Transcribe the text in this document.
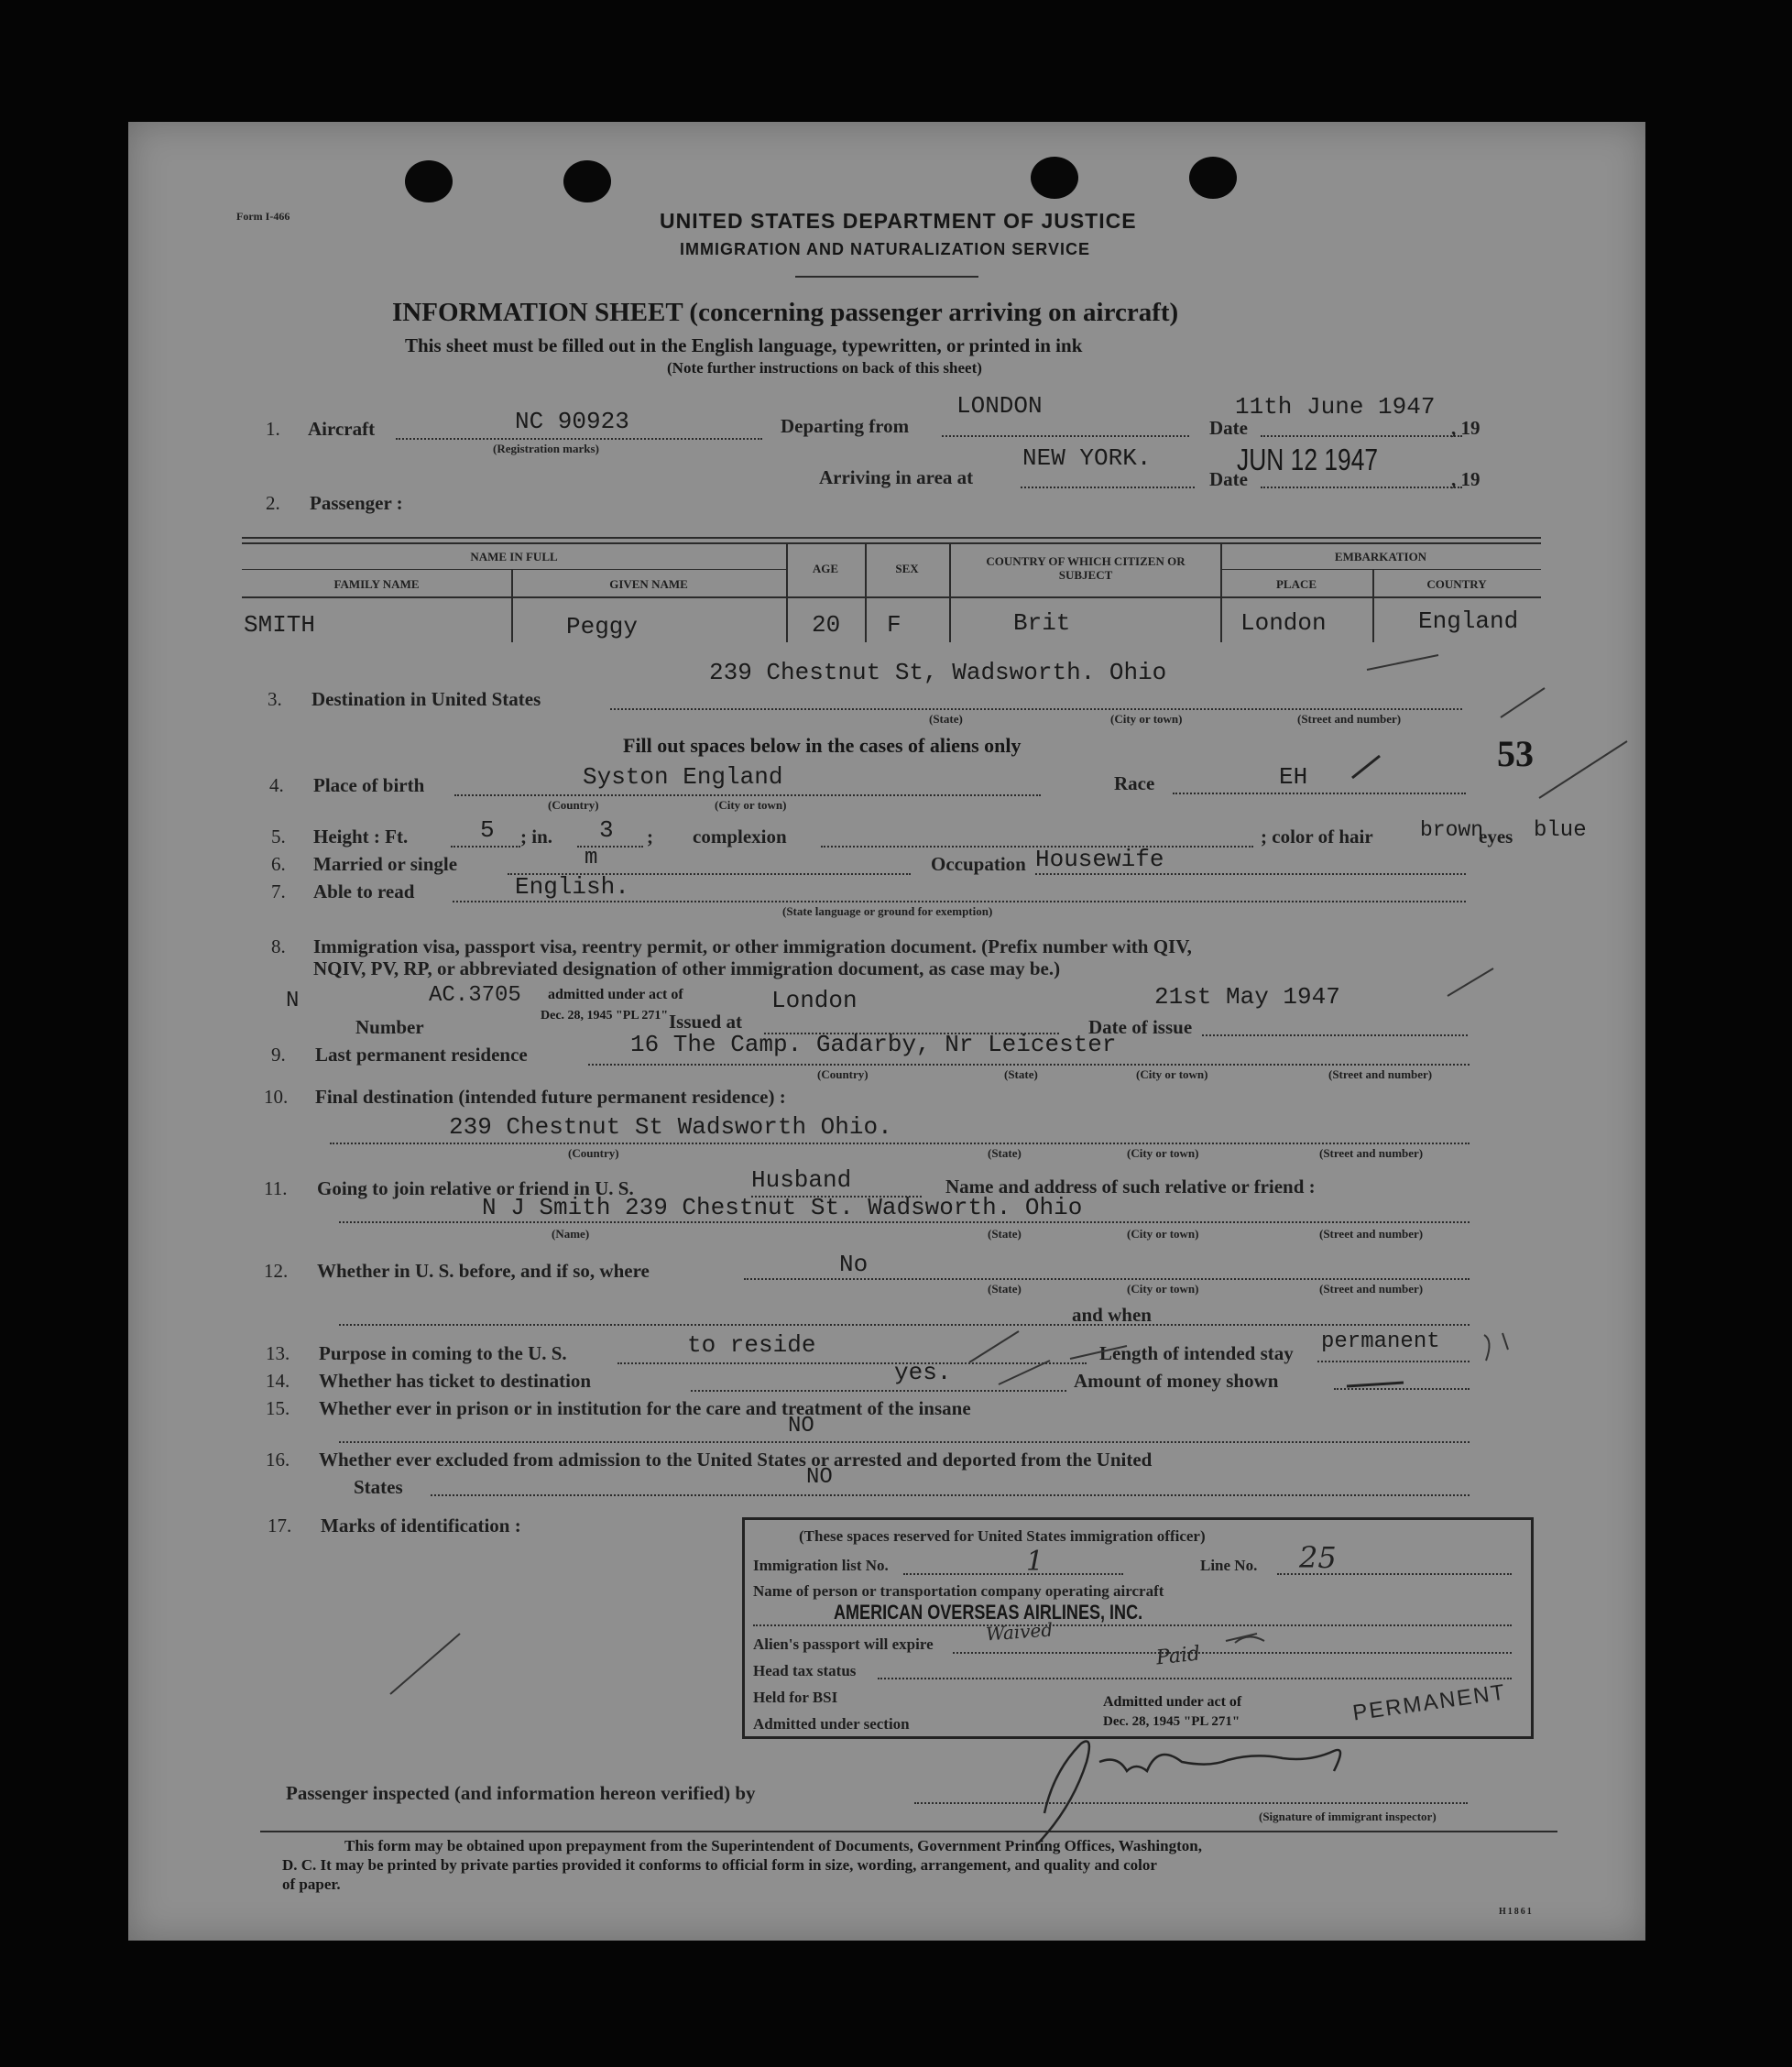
Form I-466	UNITED STATES DEPARTMENT OF JUSTICE
IMMIGRATION AND NATURALIZATION SERVICE
INFORMATION SHEET (concerning passenger arriving on aircraft)
This sheet must be filled out in the English language, typewritten, or printed in ink
(Note further instructions on back of this sheet)
1. Aircraft	NC 90923
(Registration marks)
Departing from
LONDON
Date
11th June 1947
, 19
Arriving in area at
NEW YORK.
Date
JUN 12 1947
, 19
2. Passenger :
NAME IN FULL
FAMILY NAME	GIVEN NAME
AGE	SEX
COUNTRY OF WHICH CITIZEN OR SUBJECT
EMBARKATION
PLACE	COUNTRY
SMITH	Peggy	20 F	Brit	London	England
3. Destination in United States
239 Chestnut St, Wadsworth. Ohio
(State)	(City or town)	(Street and number)
Fill out spaces below in the cases of aliens only	53
4. Place of birth	Syston England
(Country)	(City or town)
Race	EH
5. Height : Ft.	5 ; in. 3 ; complexion	; color of hair brown
eyes blue
6. Married or single	m	Occupation Housewife
7. Able to read	English.
(State language or ground for exemption)
8. Immigration visa, passport visa, reentry permit, or other immigration document. (Prefix number with QIV,
NQIV, PV, RP, or abbreviated designation of other immigration document, as case may be.)
N	AC.3705 admitted under act of
Dec. 28, 1945 "PL 271"
Number	Issued at
London
Date of issue
21st May 1947
9. Last permanent residence	16 The Camp. Gadarby, Nr Leicester
(Country)	(State)	(City or town)	(Street and number)
10. Final destination (intended future permanent residence) :
239 Chestnut St Wadsworth Ohio.
(Country)	(State)	(City or town)	(Street and number)
11. Going to join relative or friend in U. S.	Husband	Name and address of such relative or friend :
N J Smith 239 Chestnut St. Wadsworth. Ohio
(Name)	(State)	(City or town)	(Street and number)
12. Whether in U. S. before, and if so, where	No
(State)	(City or town)	(Street and number)
and when
13. Purpose in coming to the U. S.	to reside	Length of intended stay permanent
14. Whether has ticket to destination	yes.	Amount of money shown
15. Whether ever in prison or in institution for the care and treatment of the insane
NO
16. Whether ever excluded from admission to the United States or arrested and deported from the United
States	NO
17. Marks of identification :	(These spaces reserved for United States immigration officer)
Immigration list No.	1	Line No. 25
Name of person or transportation company operating aircraft
AMERICAN OVERSEAS AIRLINES, INC.
Alien's passport will expire	Waived
Head tax status
Paid
Held for BSI	Admitted under act of
Admitted under section	Dec. 28, 1945 "PL 271"	PERMANENT
Passenger inspected (and information hereon verified) by
(Signature of immigrant inspector)
This form may be obtained upon prepayment from the Superintendent of Documents, Government Printing Offices, Washington,
D. C. It may be printed by private parties provided it conforms to official form in size, wording, arrangement, and quality and color
of paper.
H1861
